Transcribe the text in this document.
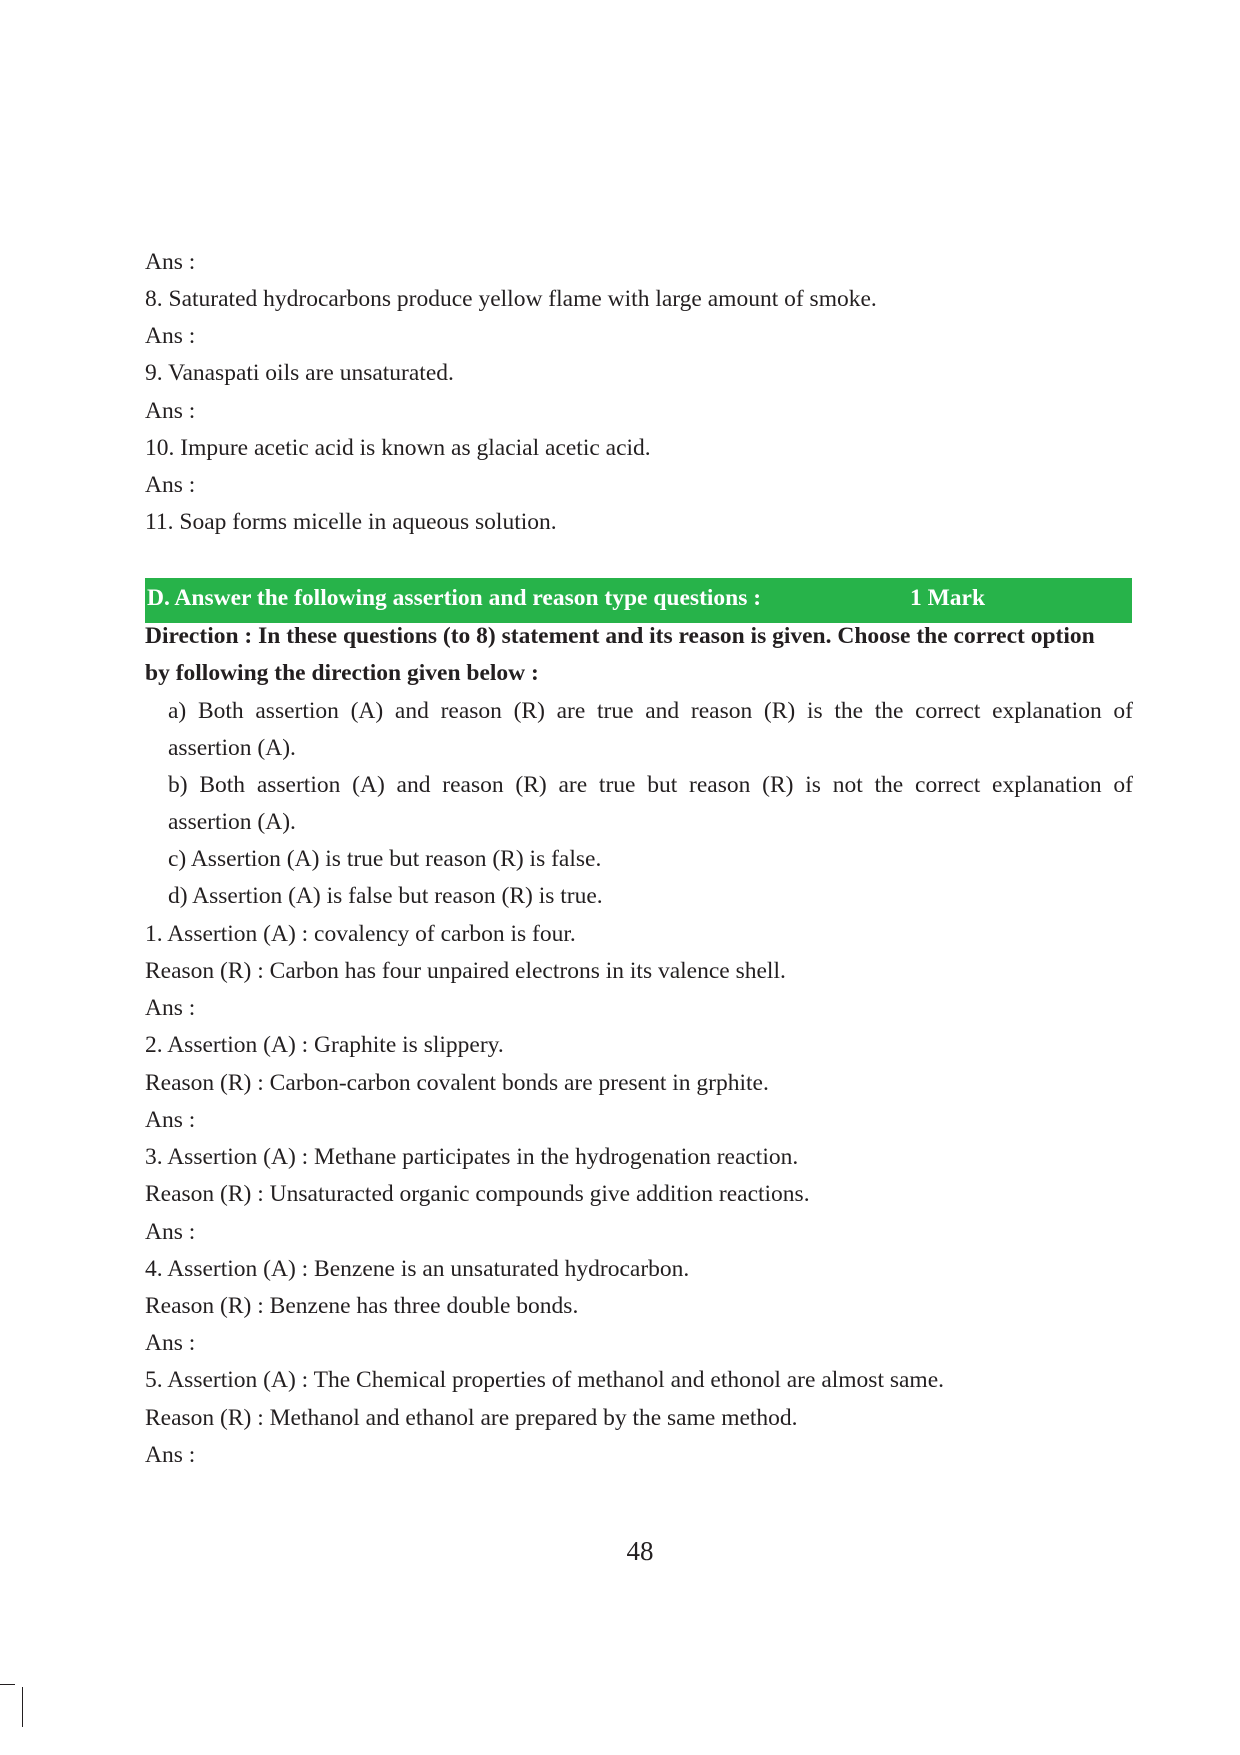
Ans :
8. Saturated hydrocarbons produce yellow flame with large amount of smoke.
Ans :
9. Vanaspati oils are unsaturated.
Ans :
10. Impure acetic acid is known as glacial acetic acid.
Ans :
11. Soap forms micelle in aqueous solution.
D. Answer the following assertion and reason type questions :	1 Mark
Direction : In these questions (to 8) statement and its reason is given. Choose the correct option
by following the direction given below :
a) Both assertion (A) and reason (R) are true and reason (R) is the the correct explanation of
assertion (A).
b) Both assertion (A) and reason (R) are true but reason (R) is not the correct explanation of
assertion (A).
c) Assertion (A) is true but reason (R) is false.
d) Assertion (A) is false but reason (R) is true.
1. Assertion (A) : covalency of carbon is four.
Reason (R) : Carbon has four unpaired electrons in its valence shell.
Ans :
2. Assertion (A) : Graphite is slippery.
Reason (R) : Carbon-carbon covalent bonds are present in grphite.
Ans :
3. Assertion (A) : Methane participates in the hydrogenation reaction.
Reason (R) : Unsaturacted organic compounds give addition reactions.
Ans :
4. Assertion (A) : Benzene is an unsaturated hydrocarbon.
Reason (R) : Benzene has three double bonds.
Ans :
5. Assertion (A) : The Chemical properties of methanol and ethonol are almost same.
Reason (R) : Methanol and ethanol are prepared by the same method.
Ans :
48
